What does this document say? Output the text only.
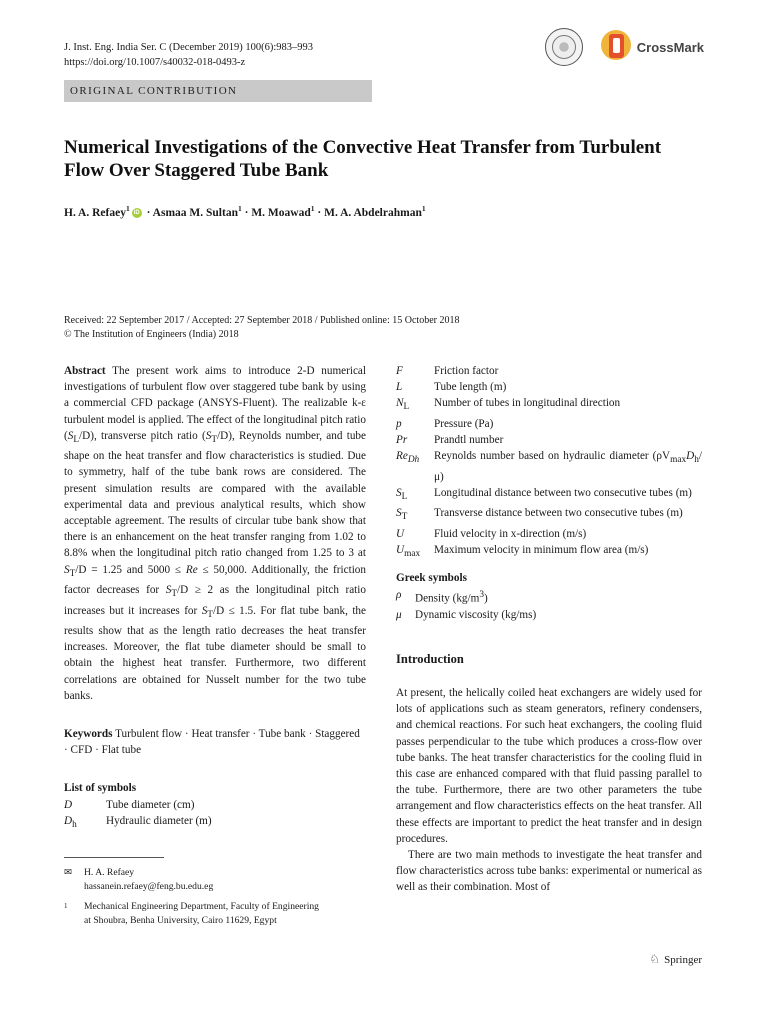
J. Inst. Eng. India Ser. C (December 2019) 100(6):983–993
https://doi.org/10.1007/s40032-018-0493-z
CrossMark
ORIGINAL CONTRIBUTION
Numerical Investigations of the Convective Heat Transfer from Turbulent Flow Over Staggered Tube Bank
H. A. Refaey$^1$iD · Asmaa M. Sultan$^1$ · M. Moawad$^1$ · M. A. Abdelrahman$^1$
Received: 22 September 2017 / Accepted: 27 September 2018 / Published online: 15 October 2018
© The Institution of Engineers (India) 2018

Abstract The present work aims to introduce 2-D numerical investigations of turbulent flow over staggered tube bank by using a commercial CFD package (ANSYS-Fluent). The realizable k-ε turbulent model is applied. The effect of the longitudinal pitch ratio $(S_L/D)$, transverse pitch ratio $(S_T/D)$, Reynolds number, and tube shape on the heat transfer and flow characteristics is studied. Due to symmetry, half of the tube bank rows are considered. The present simulation results are compared with the available experimental data and previous analytical results, which show acceptable agreement. The results of circular tube bank show that there is an enhancement on the heat transfer ranging from 1.02 to 8.8% when the longitudinal pitch ratio changed from 1.25 to 3 at $S_T/D = 1.25$ and 5000 ≤ Re ≤ 50,000. Additionally, the friction factor decreases for $S_T/D \ge 2$ as the longitudinal pitch ratio increases but it increases for $S_T/D \le 1.5$. For flat tube bank, the results show that as the length ratio decreases the heat transfer increases. Moreover, the flat tube diameter should be small to obtain the highest heat transfer. Furthermore, two different correlations are obtained for Nusselt number for the two tube banks.

Keywords Turbulent flow · Heat transfer · Tube bank · Staggered · CFD · Flat tube

List of symbols
D	Tube diameter (cm)
$D_h$	Hydraulic diameter (m)
F	Friction factor
L	Tube length (m)
$N_L$	Number of tubes in longitudinal direction
p	Pressure (Pa)
Pr	Prandtl number
$Re_{Dh}$	Reynolds number based on hydraulic diameter $(\rho V_{max}D_h/\mu)$
$S_L$	Longitudinal distance between two consecutive tubes (m)
$S_T$	Transverse distance between two consecutive tubes (m)
U	Fluid velocity in x-direction (m/s)
$U_{max}$	Maximum velocity in minimum flow area (m/s)
Greek symbols
ρ	Density $(kg/m^3)$
μ	Dynamic viscosity (kg/ms)
Introduction

At present, the helically coiled heat exchangers are widely used for lots of applications such as steam generators, refinery condensers, and chemical reactions. For such heat exchangers, the cooling fluid passes perpendicular to the tube which produces a cross-flow over tube banks. The heat transfer characteristics for the cooling fluid in this case are enhanced compared with that fluid passing parallel to the tube. Furthermore, there are two other parameters the tube arrangement and flow characteristics effects on the heat transfer. All these effects are important to predict the heat transfer and in design procedures.

There are two main methods to investigate the heat transfer and flow characteristics across tube banks: experimental or numerical as well as their combination. Most of

✉	H. A. Refaey
hassanein.refaey@feng.bu.edu.eg
1	Mechanical Engineering Department, Faculty of Engineering
at Shoubra, Benha University, Cairo 11629, Egypt
♘ Springer
